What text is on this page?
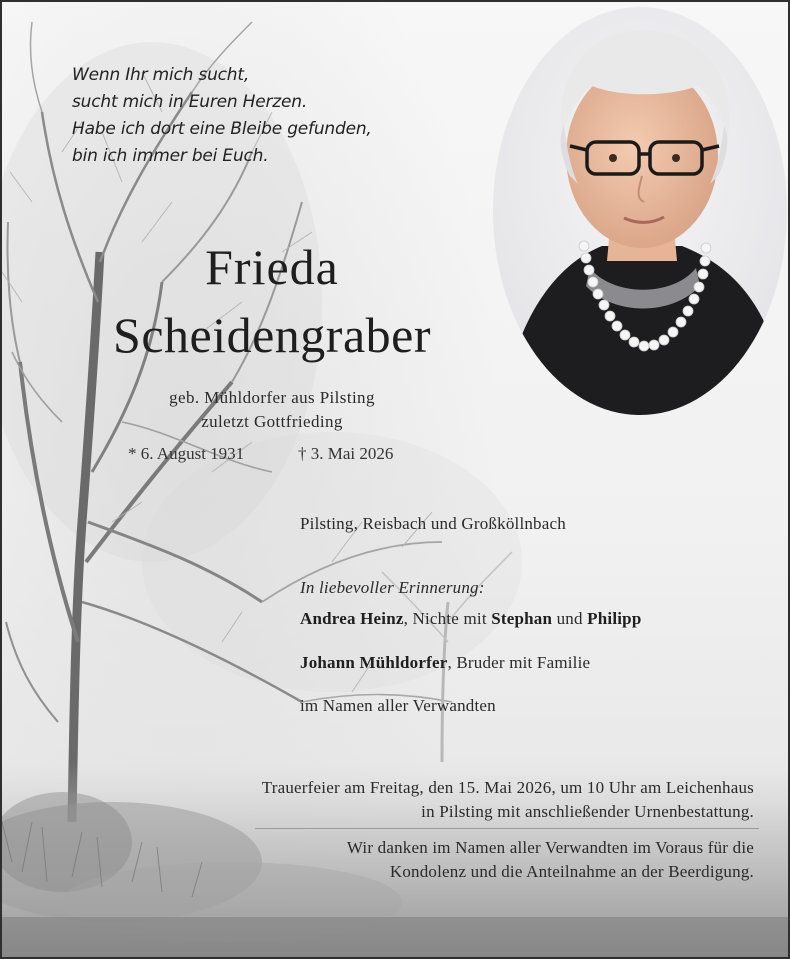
Wenn Ihr mich sucht,
sucht mich in Euren Herzen.
Habe ich dort eine Bleibe gefunden,
bin ich immer bei Euch.
Frieda
Scheidengraber
geb. Mühldorfer aus Pilsting
zuletzt Gottfrieding
* 6. August 1931	† 3. Mai 2026
Pilsting, Reisbach und Großköllnbach
In liebevoller Erinnerung:
Andrea Heinz, Nichte mit Stephan und Philipp
Johann Mühldorfer, Bruder mit Familie
im Namen aller Verwandten
Trauerfeier am Freitag, den 15. Mai 2026, um 10 Uhr am Leichenhaus
in Pilsting mit anschließender Urnenbestattung.
Wir danken im Namen aller Verwandten im Voraus für die
Kondolenz und die Anteilnahme an der Beerdigung.
